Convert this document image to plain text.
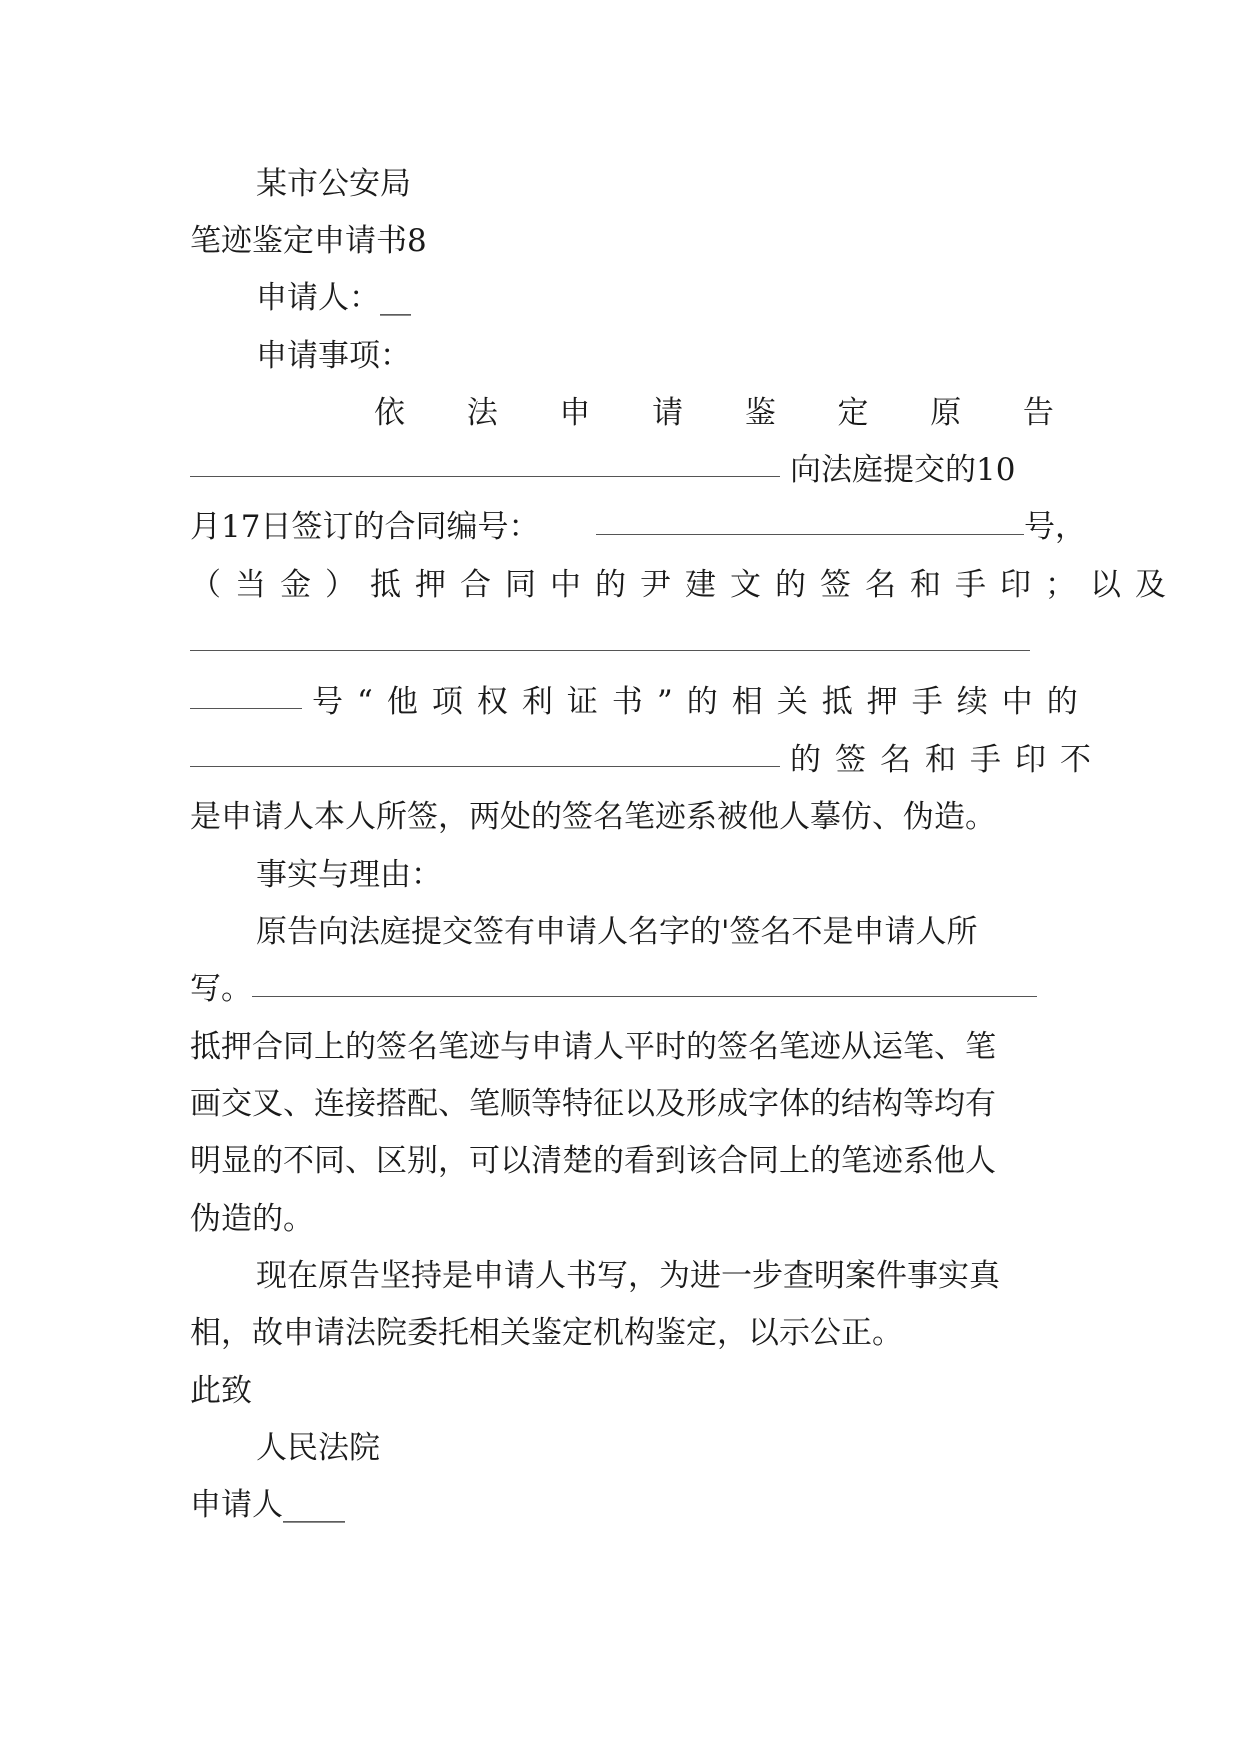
某市公安局
笔迹鉴定申请书8
申请人：__
申请事项：
依 法 申 请 鉴 定 原 告
向法庭提交的10
月17日签订的合同编号：	号，
（当金）抵押合同中的尹建文的签名和手印；以及
号“他项权利证书”的相关抵押手续中的
的签名和手印不
是申请人本人所签，两处的签名笔迹系被他人摹仿、伪造。
事实与理由：
原告向法庭提交签有申请人名字的'签名不是申请人所
写。
抵押合同上的签名笔迹与申请人平时的签名笔迹从运笔、笔
画交叉、连接搭配、笔顺等特征以及形成字体的结构等均有
明显的不同、区别，可以清楚的看到该合同上的笔迹系他人
伪造的。
现在原告坚持是申请人书写，为进一步查明案件事实真
相，故申请法院委托相关鉴定机构鉴定，以示公正。
此致
人民法院
申请人____
